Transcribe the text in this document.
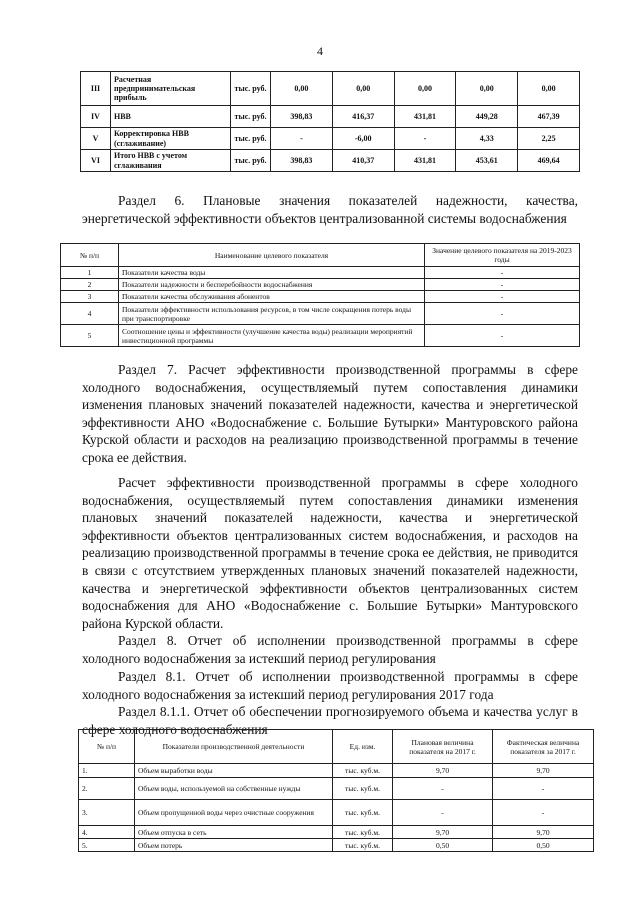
4
III	Расчетная предпринимательская прибыль	тыс. руб.	0,00	0,00	0,00	0,00	0,00
IV	НВВ	тыс. руб.	398,83	416,37	431,81	449,28	467,39
V	Корректировка НВВ (сглаживание)	тыс. руб.	-	-6,00	-	4,33	2,25
VI	Итого НВВ с учетом сглаживания	тыс. руб.	398,83	410,37	431,81	453,61	469,64
Раздел 6. Плановые значения показателей надежности, качества, энергетической эффективности объектов централизованной системы водоснабжения
№ п/п	Наименование целевого показателя	Значение целевого показателя на 2019-2023 годы
1	Показатели качества воды	-
2	Показатели надежности и бесперебойности водоснабжения	-
3	Показатели качества обслуживания абонентов	-
4	Показатели эффективности использования ресурсов, в том числе сокращения потерь воды при транспортировке	-
5	Соотношение цены и эффективности (улучшение качества воды) реализации мероприятий инвестиционной программы	-
Раздел 7. Расчет эффективности производственной программы в сфере холодного водоснабжения, осуществляемый путем сопоставления динамики изменения плановых значений показателей надежности, качества и энергетической эффективности АНО «Водоснабжение с. Большие Бутырки» Мантуровского района Курской области и расходов на реализацию производственной программы в течение срока ее действия.
Расчет эффективности производственной программы в сфере холодного водоснабжения, осуществляемый путем сопоставления динамики изменения плановых значений показателей надежности, качества и энергетической эффективности объектов централизованных систем водоснабжения, и расходов на реализацию производственной программы в течение срока ее действия, не приводится в связи с отсутствием утвержденных плановых значений показателей надежности, качества и энергетической эффективности объектов централизованных систем водоснабжения для АНО «Водоснабжение с. Большие Бутырки» Мантуровского района Курской области.
Раздел 8. Отчет об исполнении производственной программы в сфере холодного водоснабжения за истекший период регулирования
Раздел 8.1. Отчет об исполнении производственной программы в сфере холодного водоснабжения за истекший период регулирования 2017 года
Раздел 8.1.1. Отчет об обеспечении прогнозируемого объема и качества услуг в сфере холодного водоснабжения
№ п/п	Показатели производственной деятельности	Ед. изм.	Плановая величина показателя на 2017 г.	Фактическая величина показателя за 2017 г.
1.	Объем выработки воды	тыс. куб.м.	9,70	9,70
2.	Объем воды, используемой на собственные нужды	тыс. куб.м.	-	-
3.	Объем пропущенной воды через очистные сооружения	тыс. куб.м.	-	-
4.	Объем отпуска в сеть	тыс. куб.м.	9,70	9,70
5.	Объем потерь	тыс. куб.м.	0,50	0,50
